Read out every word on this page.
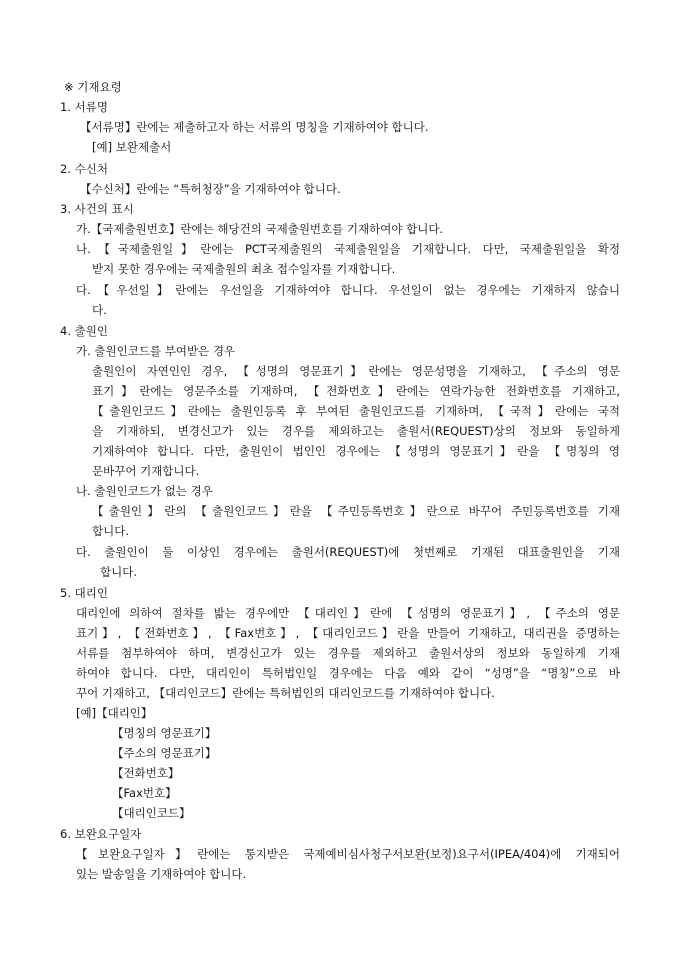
※ 기재요령
1. 서류명
【서류명】란에는 제출하고자 하는 서류의 명칭을 기재하여야 합니다.
[예] 보완제출서
2. 수신처
【수신처】란에는 “특허청장”을 기재하여야 합니다.
3. 사건의 표시
가.【국제출원번호】란에는 해당건의 국제출원번호를 기재하여야 합니다.
나.【국제출원일】란에는 PCT국제출원의 국제출원일을 기재합니다. 다만, 국제출원일을 확정
받지 못한 경우에는 국제출원의 최초 접수일자를 기재합니다.
다.【우선일】란에는 우선일을 기재하여야 합니다. 우선일이 없는 경우에는 기재하지 않습니
다.
4. 출원인
가. 출원인코드를 부여받은 경우
출원인이 자연인인 경우, 【성명의 영문표기】란에는 영문성명을 기재하고, 【주소의 영문
표기】란에는 영문주소를 기재하며, 【전화번호】란에는 연락가능한 전화번호를 기재하고,
【출원인코드】란에는 출원인등록 후 부여된 출원인코드를 기재하며, 【국적】란에는 국적
을 기재하되, 변경신고가 있는 경우를 제외하고는 출원서(REQUEST)상의 정보와 동일하게
기재하여야 합니다. 다만, 출원인이 법인인 경우에는 【성명의 영문표기】란을 【명칭의 영
문바꾸어 기재합니다.
나. 출원인코드가 없는 경우
【출원인】란의 【출원인코드】란을 【주민등록번호】란으로 바꾸어 주민등록번호를 기재
합니다.
다. 출원인이 둘 이상인 경우에는 출원서(REQUEST)에 첫번째로 기재된 대표출원인을 기재
합니다.
5. 대리인
대리인에 의하여 절차를 밟는 경우에만 【대리인】란에 【성명의 영문표기】, 【주소의 영문
표기】, 【전화번호】, 【Fax번호】, 【대리인코드】란을 만들어 기재하고, 대리권을 증명하는
서류를 첨부하여야 하며, 변경신고가 있는 경우를 제외하고 출원서상의 정보와 동일하게 기재
하여야 합니다. 다만, 대리인이 특허법인일 경우에는 다음 예와 같이 “성명”을 “명칭”으로 바
꾸어 기재하고, 【대리인코드】란에는 특허법인의 대리인코드를 기재하여야 합니다.
[예]【대리인】
【명칭의 영문표기】
【주소의 영문표기】
【전화번호】
【Fax번호】
【대리인코드】
6. 보완요구일자
【보완요구일자】란에는 통지받은 국제예비심사청구서보완(보정)요구서(IPEA/404)에 기재되어
있는 발송일을 기재하여야 합니다.
